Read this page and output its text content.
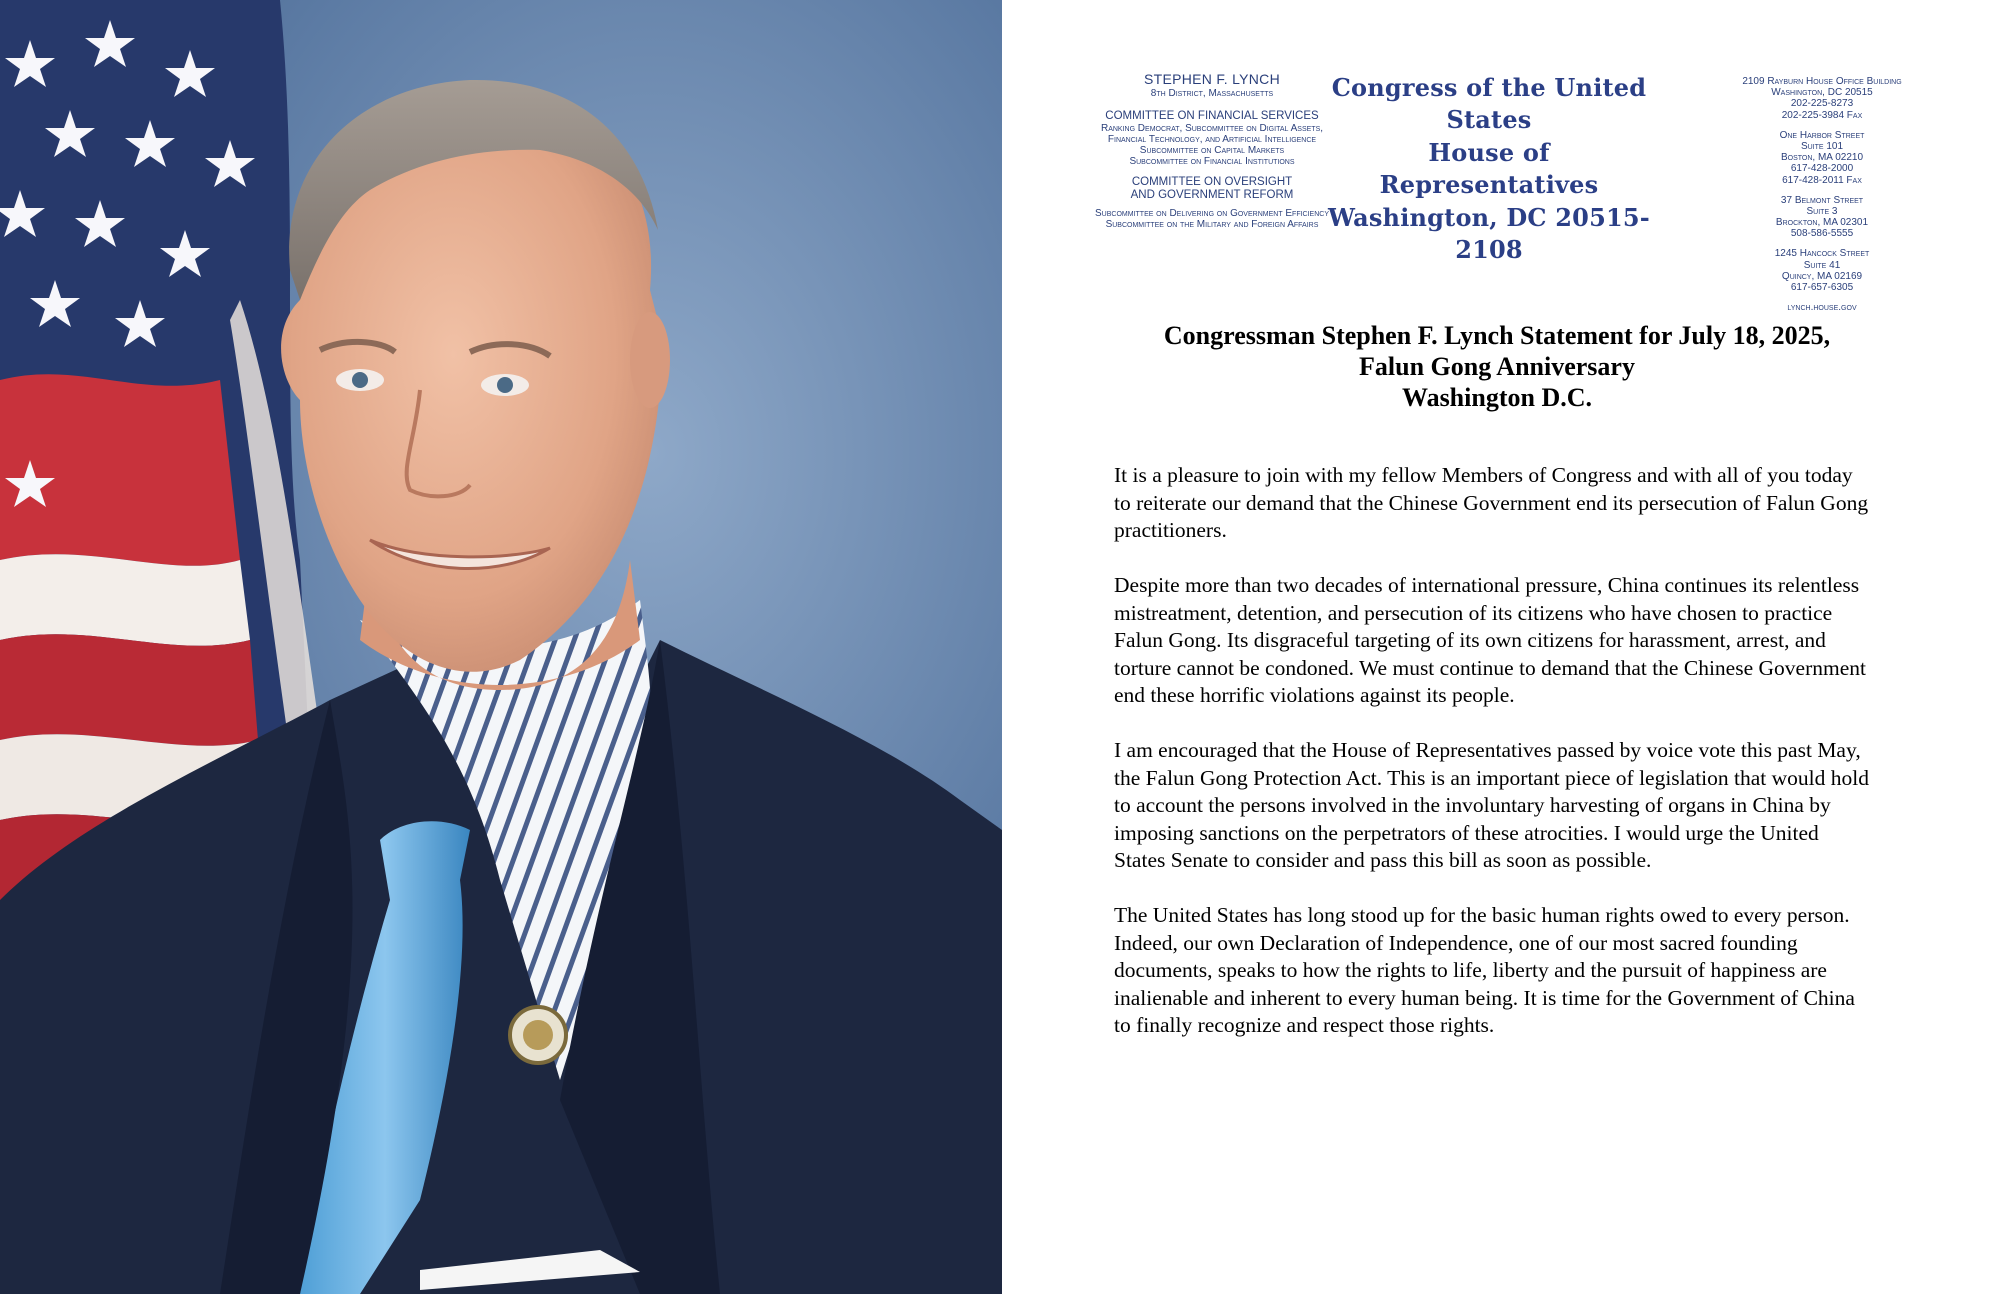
STEPHEN F. LYNCH
8th District, Massachusetts
COMMITTEE ON FINANCIAL SERVICES
Ranking Democrat, Subcommittee on Digital Assets,
Financial Technology, and Artificial Intelligence
Subcommittee on Capital Markets
Subcommittee on Financial Institutions
COMMITTEE ON OVERSIGHT
AND GOVERNMENT REFORM
Subcommittee on Delivering on Government Efficiency
Subcommittee on the Military and Foreign Affairs
Congress of the United States
House of Representatives
Washington, DC 20515-2108
2109 Rayburn House Office Building
Washington, DC 20515
202-225-8273
202-225-3984 Fax
One Harbor Street
Suite 101
Boston, MA 02210
617-428-2000
617-428-2011 Fax
37 Belmont Street
Suite 3
Brockton, MA 02301
508-586-5555
1245 Hancock Street
Suite 41
Quincy, MA 02169
617-657-6305
lynch.house.gov
Congressman Stephen F. Lynch Statement for July 18, 2025,
Falun Gong Anniversary
Washington D.C.

It is a pleasure to join with my fellow Members of Congress and with all of you today to reiterate our demand that the Chinese Government end its persecution of Falun Gong practitioners.

Despite more than two decades of international pressure, China continues its relentless mistreatment, detention, and persecution of its citizens who have chosen to practice Falun Gong. Its disgraceful targeting of its own citizens for harassment, arrest, and torture cannot be condoned. We must continue to demand that the Chinese Government end these horrific violations against its people.

I am encouraged that the House of Representatives passed by voice vote this past May, the Falun Gong Protection Act. This is an important piece of legislation that would hold to account the persons involved in the involuntary harvesting of organs in China by imposing sanctions on the perpetrators of these atrocities. I would urge the United States Senate to consider and pass this bill as soon as possible.

The United States has long stood up for the basic human rights owed to every person. Indeed, our own Declaration of Independence, one of our most sacred founding documents, speaks to how the rights to life, liberty and the pursuit of happiness are inalienable and inherent to every human being. It is time for the Government of China to finally recognize and respect those rights.
